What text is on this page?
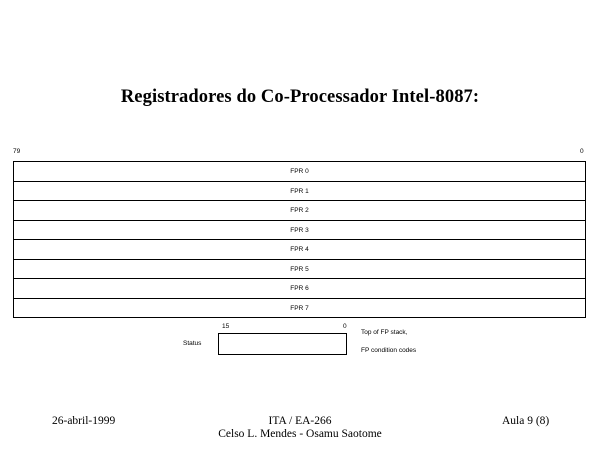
Registradores do Co-Processador Intel-8087:
79	0
FPR 0
FPR 1
FPR 2
FPR 3
FPR 4
FPR 5
FPR 6
FPR 7
15	0
Status
Top of FP stack,
FP condition codes
26-abril-1999	ITA / EA-266
Celso L. Mendes - Osamu Saotome
Aula 9 (8)
